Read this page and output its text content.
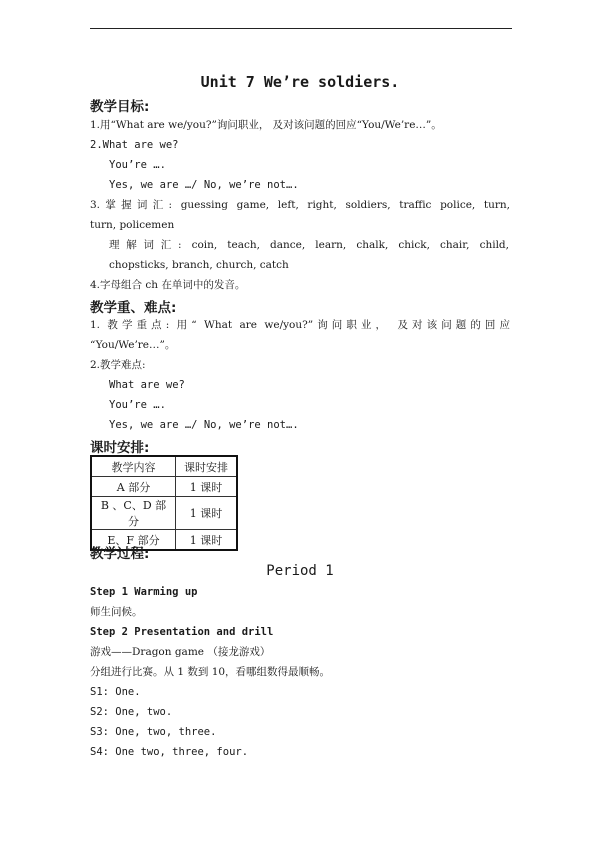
Unit 7 We’re soldiers.
教学目标:
1.用“What are we/you?”询问职业， 及对该问题的回应“You/We’re…”。
2.What are we?
You’re ….
Yes, we are …/ No, we’re not….
3.掌握词汇: guessing game, left, right, soldiers, traffic police, turn,
turn, policemen
理解词汇: coin, teach, dance, learn, chalk, chick, chair, child,
chopsticks, branch, church, catch
4.字母组合 ch 在单词中的发音。
教学重、难点:
1. 教学重点: 用“ What are we/you?”询问职业， 及对该问题的回应
“You/We’re…”。
2.教学难点:
What are we?
You’re ….
Yes, we are …/ No, we’re not….
课时安排:
教学内容	课时安排
A 部分	1 课时
B 、C、D 部分	1 课时
E、F 部分	1 课时
教学过程:
Period 1
Step 1 Warming up
师生问候。
Step 2 Presentation and drill
游戏——Dragon game （接龙游戏）
分组进行比赛。从 1 数到 10，看哪组数得最顺畅。
S1: One.
S2: One, two.
S3: One, two, three.
S4: One two, three, four.
